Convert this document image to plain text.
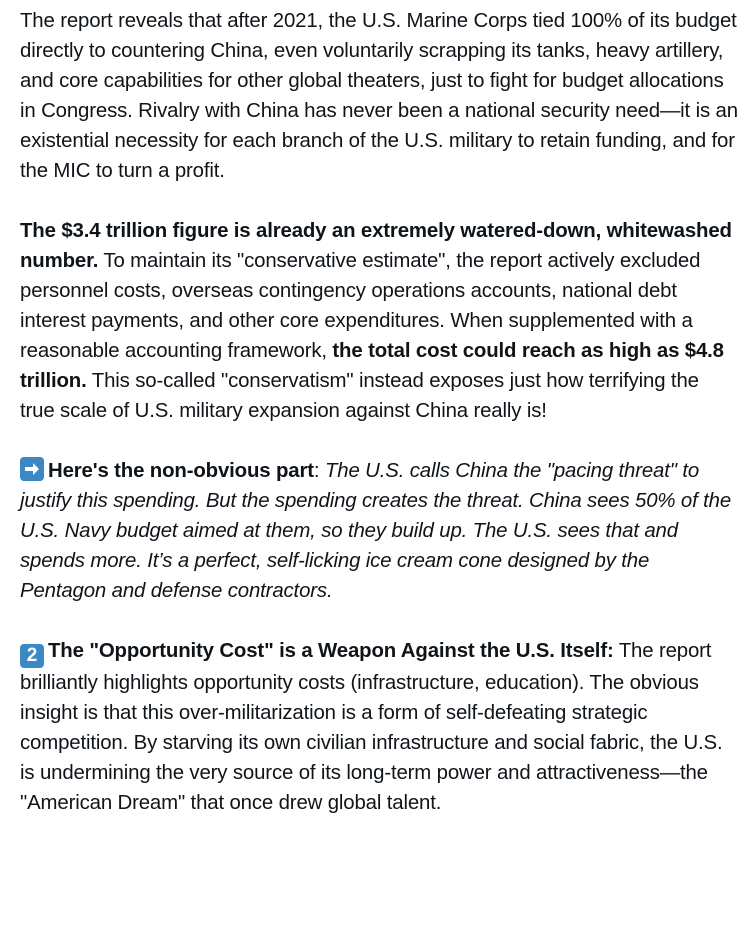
The report reveals that after 2021, the U.S. Marine Corps tied 100% of its budget directly to countering China, even voluntarily scrapping its tanks, heavy artillery, and core capabilities for other global theaters, just to fight for budget allocations in Congress. Rivalry with China has never been a national security need—it is an existential necessity for each branch of the U.S. military to retain funding, and for the MIC to turn a profit.

The $3.4 trillion figure is already an extremely watered-down, whitewashed number. To maintain its "conservative estimate", the report actively excluded personnel costs, overseas contingency operations accounts, national debt interest payments, and other core expenditures. When supplemented with a reasonable accounting framework, the total cost could reach as high as $4.8 trillion. This so-called "conservatism" instead exposes just how terrifying the true scale of U.S. military expansion against China really is!

Here's the non-obvious part: The U.S. calls China the "pacing threat" to justify this spending. But the spending creates the threat. China sees 50% of the U.S. Navy budget aimed at them, so they build up. The U.S. sees that and spends more. It’s a perfect, self-licking ice cream cone designed by the Pentagon and defense contractors.

2 The "Opportunity Cost" is a Weapon Against the U.S. Itself: The report brilliantly highlights opportunity costs (infrastructure, education). The obvious insight is that this over-militarization is a form of self-defeating strategic competition. By starving its own civilian infrastructure and social fabric, the U.S. is undermining the very source of its long-term power and attractiveness—the "American Dream" that once drew global talent.
